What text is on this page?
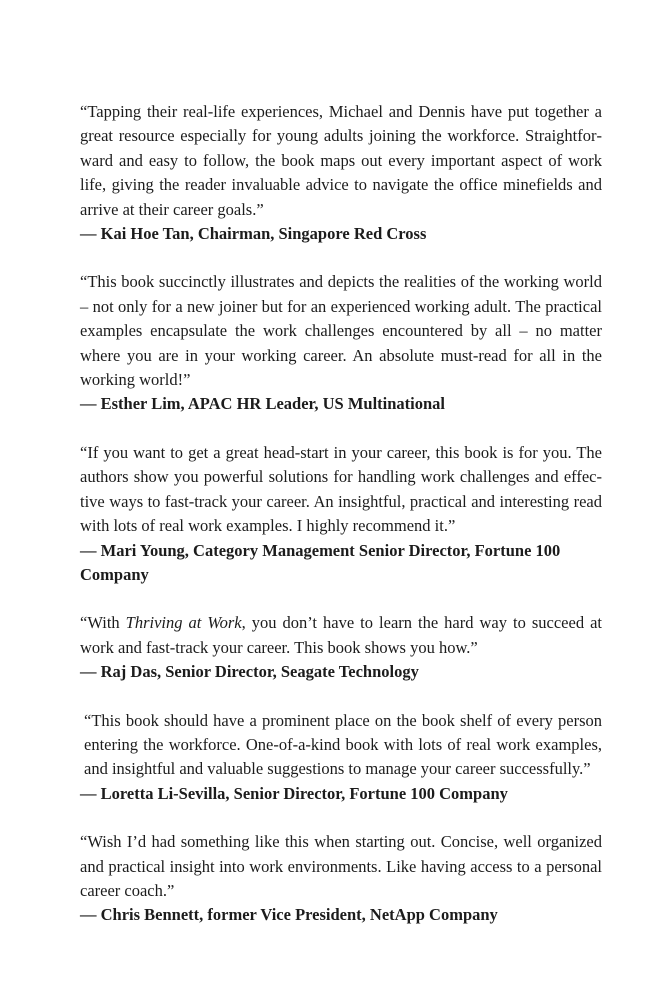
“Tapping their real-life experiences, Michael and Dennis have put together a great resource especially for young adults joining the workforce. Straightforward and easy to follow, the book maps out every important aspect of work life, giving the reader invaluable advice to navigate the office minefields and arrive at their career goals.”

— Kai Hoe Tan, Chairman, Singapore Red Cross

“This book succinctly illustrates and depicts the realities of the working world – not only for a new joiner but for an experienced working adult. The practical examples encapsulate the work challenges encountered by all – no matter where you are in your working career. An absolute must-read for all in the working world!”

— Esther Lim, APAC HR Leader, US Multinational

“If you want to get a great head-start in your career, this book is for you. The authors show you powerful solutions for handling work challenges and effective ways to fast-track your career. An insightful, practical and interesting read with lots of real work examples. I highly recommend it.”

— Mari Young, Category Management Senior Director, Fortune 100 Company

“With Thriving at Work, you don’t have to learn the hard way to succeed at work and fast-track your career. This book shows you how.”

— Raj Das, Senior Director, Seagate Technology

“This book should have a prominent place on the book shelf of every person entering the workforce. One-of-a-kind book with lots of real work examples, and insightful and valuable suggestions to manage your career successfully.”

— Loretta Li-Sevilla, Senior Director, Fortune 100 Company

“Wish I’d had something like this when starting out. Concise, well organized and practical insight into work environments. Like having access to a personal career coach.”

— Chris Bennett, former Vice President, NetApp Company
